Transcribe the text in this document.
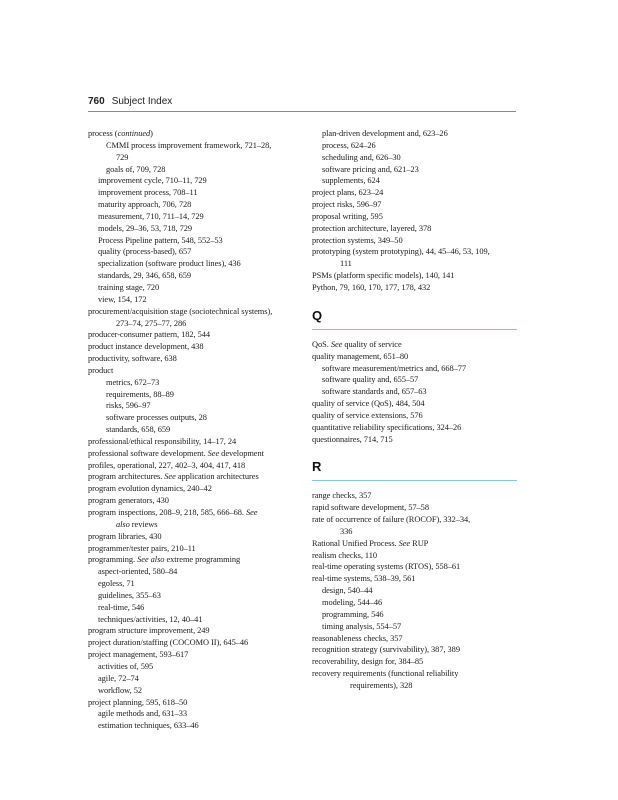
760 Subject Index
process (continued)
CMMI process improvement framework, 721–28,
729
goals of, 709, 728
improvement cycle, 710–11, 729
improvement process, 708–11
maturity approach, 706, 728
measurement, 710, 711–14, 729
models, 29–36, 53, 718, 729
Process Pipeline pattern, 548, 552–53
quality (process-based), 657
specialization (software product lines), 436
standards, 29, 346, 658, 659
training stage, 720
view, 154, 172
procurement/acquisition stage (sociotechnical systems),
273–74, 275–77, 286
producer-consumer pattern, 182, 544
product instance development, 438
productivity, software, 638
product
metrics, 672–73
requirements, 88–89
risks, 596–97
software processes outputs, 28
standards, 658, 659
professional/ethical responsibility, 14–17, 24
professional software development. See development
profiles, operational, 227, 402–3, 404, 417, 418
program architectures. See application architectures
program evolution dynamics, 240–42
program generators, 430
program inspections, 208–9, 218, 585, 666–68. See
also reviews
program libraries, 430
programmer/tester pairs, 210–11
programming. See also extreme programming
aspect-oriented, 580–84
egoless, 71
guidelines, 355–63
real-time, 546
techniques/activities, 12, 40–41
program structure improvement, 249
project duration/staffing (COCOMO II), 645–46
project management, 593–617
activities of, 595
agile, 72–74
workflow, 52
project planning, 595, 618–50
agile methods and, 631–33
estimation techniques, 633–46
plan-driven development and, 623–26
process, 624–26
scheduling and, 626–30
software pricing and, 621–23
supplements, 624
project plans, 623–24
project risks, 596–97
proposal writing, 595
protection architecture, layered, 378
protection systems, 349–50
prototyping (system prototyping), 44, 45–46, 53, 109,
111
PSMs (platform specific models), 140, 141
Python, 79, 160, 170, 177, 178, 432
Q
QoS. See quality of service
quality management, 651–80
software measurement/metrics and, 668–77
software quality and, 655–57
software standards and, 657–63
quality of service (QoS), 484, 504
quality of service extensions, 576
quantitative reliability specifications, 324–26
questionnaires, 714, 715
R
range checks, 357
rapid software development, 57–58
rate of occurrence of failure (ROCOF), 332–34,
336
Rational Unified Process. See RUP
realism checks, 110
real-time operating systems (RTOS), 558–61
real-time systems, 538–39, 561
design, 540–44
modeling, 544–46
programming, 546
timing analysis, 554–57
reasonableness checks, 357
recognition strategy (survivability), 387, 389
recoverability, design for, 384–85
recovery requirements (functional reliability
requirements), 328
